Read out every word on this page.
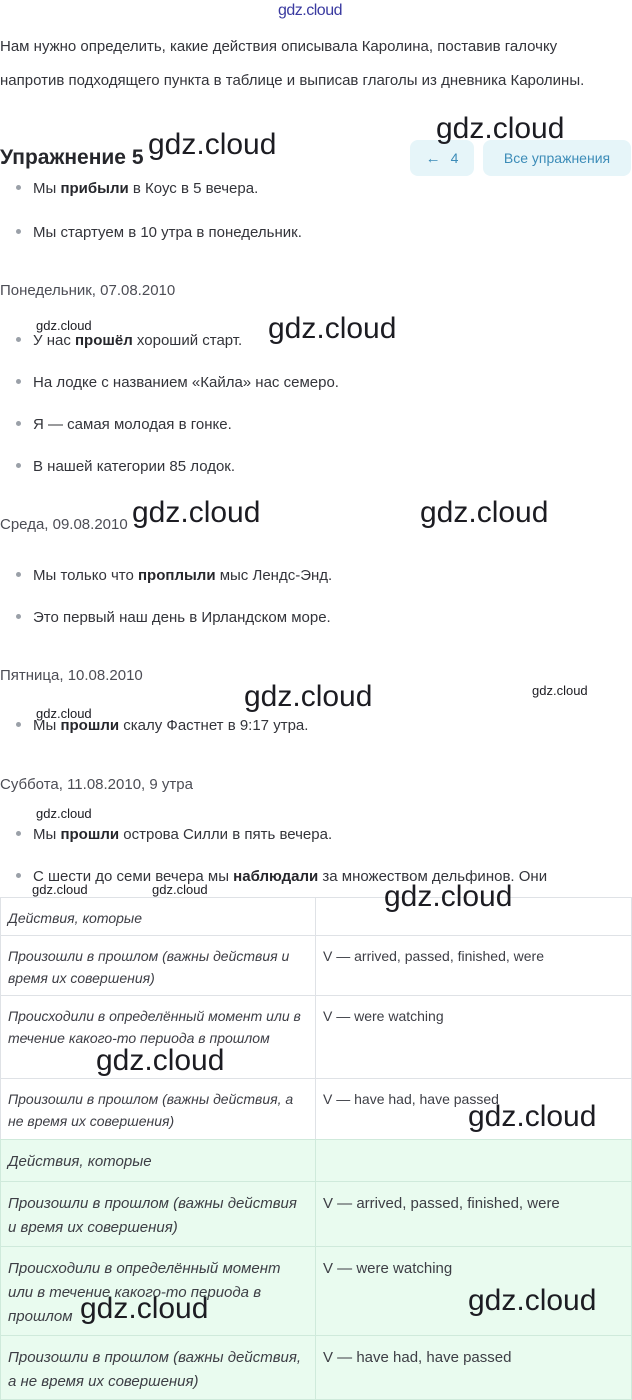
gdz.cloud
Нам нужно определить, какие действия описывала Каролина, поставив галочку напротив подходящего пункта в таблице и выписав глаголы из дневника Каролины.
Упражнение 5	← 4	Все упражнения
Мы прибыли в Коус в 5 вечера.
Мы стартуем в 10 утра в понедельник.
Понедельник, 07.08.2010
У нас прошёл хороший старт.
На лодке с названием «Кайла» нас семеро.
Я — самая молодая в гонке.
В нашей категории 85 лодок.
Среда, 09.08.2010
Мы только что проплыли мыс Лендс-Энд.
Это первый наш день в Ирландском море.
Пятница, 10.08.2010
Мы прошли скалу Фастнет в 9:17 утра.
Суббота, 11.08.2010, 9 утра
Мы прошли острова Силли в пять вечера.
С шести до семи вечера мы наблюдали за множеством дельфинов. Они
Действия, которые	
Произошли в прошлом (важны действия и время их совершения)	V — arrived, passed, finished, were
Происходили в определённый момент или в течение какого-то периода в прошлом	V — were watching
Произошли в прошлом (важны действия, а не время их совершения)	V — have had, have passed
Действия, которые	
Произошли в прошлом (важны действия и время их совершения)	V — arrived, passed, finished, were
Происходили в определённый момент или в течение какого-то периода в прошлом	V — were watching
Произошли в прошлом (важны действия, а не время их совершения)	V — have had, have passed
gdz.cloud	gdz.cloud
gdz.cloud	gdz.cloud
gdz.cloud	gdz.cloud
gdz.cloud	gdz.cloud
gdz.cloud
gdz.cloud
gdz.cloud	gdz.cloud	gdz.cloud
gdz.cloud
gdz.cloud
gdz.cloud
gdz.cloud
